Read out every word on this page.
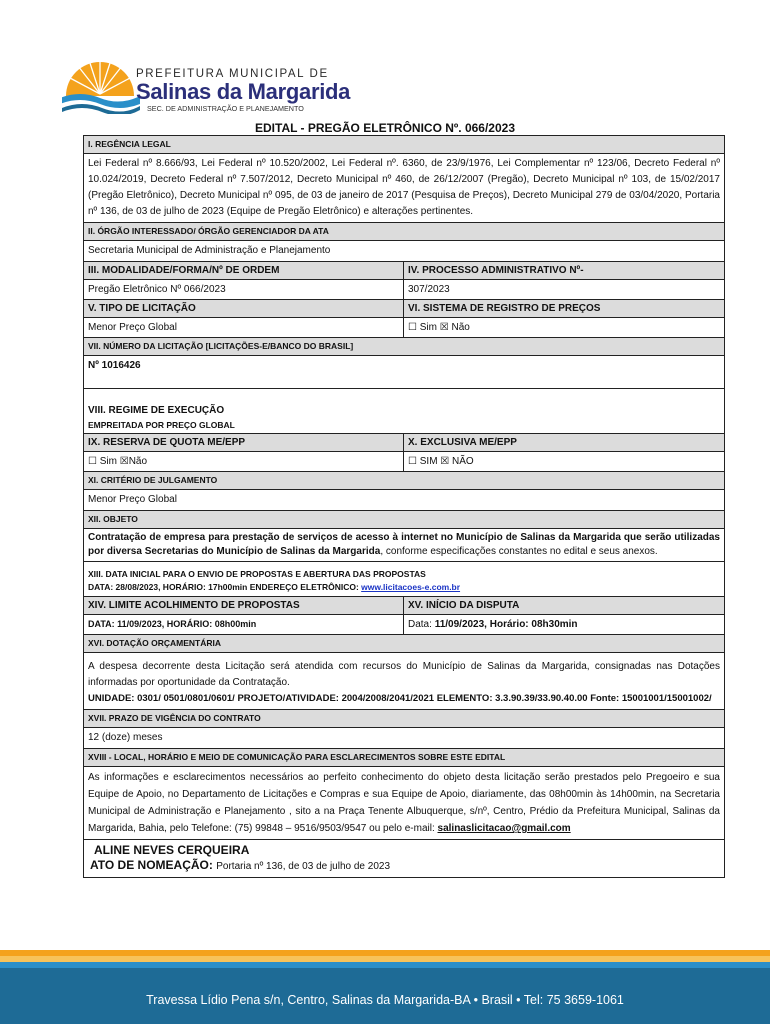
PREFEITURA MUNICIPAL DE
Salinas da Margarida
SEC. DE ADMINISTRAÇÃO E PLANEJAMENTO
EDITAL - PREGÃO ELETRÔNICO Nº. 066/2023
I. REGÊNCIA LEGAL
Lei Federal nº 8.666/93, Lei Federal nº 10.520/2002, Lei Federal nº. 6360, de 23/9/1976, Lei Complementar nº 123/06, Decreto Federal nº 10.024/2019, Decreto Federal nº 7.507/2012, Decreto Municipal nº 460, de 26/12/2007 (Pregão), Decreto Municipal nº 103, de 15/02/2017 (Pregão Eletrônico), Decreto Municipal nº 095, de 03 de janeiro de 2017 (Pesquisa de Preços), Decreto Municipal 279 de 03/04/2020, Portaria nº 136, de 03 de julho de 2023 (Equipe de Pregão Eletrônico) e alterações pertinentes.
II. ÓRGÃO INTERESSADO/ ÓRGÃO GERENCIADOR DA ATA
Secretaria Municipal de Administração e Planejamento
III. MODALIDADE/FORMA/Nº DE ORDEM
Pregão Eletrônico Nº 066/2023
V. TIPO DE LICITAÇÃO
Menor Preço Global
IV. PROCESSO ADMINISTRATIVO Nº-
307/2023
VI. SISTEMA DE REGISTRO DE PREÇOS
☐ Sim ☒ Não
VII. NÚMERO DA LICITAÇÃO [LICITAÇÕES-E/BANCO DO BRASIL]
Nº 1016426
VIII. REGIME DE EXECUÇÃO
EMPREITADA POR PREÇO GLOBAL
IX. RESERVA DE QUOTA ME/EPP
☐ Sim ☒Não
X. EXCLUSIVA ME/EPP
☐ SIM ☒ NÃO
XI. CRITÉRIO DE JULGAMENTO
Menor Preço Global
XII. OBJETO
Contratação de empresa para prestação de serviços de acesso à internet no Município de Salinas da Margarida que serão utilizadas por diversa Secretarias do Município de Salinas da Margarida, conforme especificações constantes no edital e seus anexos.
XIII. DATA INICIAL PARA O ENVIO DE PROPOSTAS E ABERTURA DAS PROPOSTAS
DATA: 28/08/2023, HORÁRIO: 17h00min ENDEREÇO ELETRÔNICO: www.licitacoes-e.com.br
XIV. LIMITE ACOLHIMENTO DE PROPOSTAS
DATA: 11/09/2023, HORÁRIO: 08h00min
XV. INÍCIO DA DISPUTA
Data: 11/09/2023, Horário: 08h30min
XVI. DOTAÇÃO ORÇAMENTÁRIA
A despesa decorrente desta Licitação será atendida com recursos do Município de Salinas da Margarida, consignadas nas Dotações informadas por oportunidade da Contratação.
UNIDADE: 0301/ 0501/0801/0601/ PROJETO/ATIVIDADE: 2004/2008/2041/2021 ELEMENTO: 3.3.90.39/33.90.40.00 Fonte: 15001001/15001002/
XVII. PRAZO DE VIGÊNCIA DO CONTRATO
12 (doze) meses
XVIII - LOCAL, HORÁRIO E MEIO DE COMUNICAÇÃO PARA ESCLARECIMENTOS SOBRE ESTE EDITAL
As informações e esclarecimentos necessários ao perfeito conhecimento do objeto desta licitação serão prestados pelo Pregoeiro e sua Equipe de Apoio, no Departamento de Licitações e Compras e sua Equipe de Apoio, diariamente, das 08h00min às 14h00min, na Secretaria Municipal de Administração e Planejamento , sito a na Praça Tenente Albuquerque, s/nº, Centro, Prédio da Prefeitura Municipal, Salinas da Margarida, Bahia, pelo Telefone: (75) 99848 – 9516/9503/9547 ou pelo e-mail: salinaslicitacao@gmail.com
ALINE NEVES CERQUEIRA
ATO DE NOMEAÇÃO: Portaria nº 136, de 03 de julho de 2023
Travessa Lídio Pena s/n, Centro, Salinas da Margarida-BA • Brasil • Tel: 75 3659-1061
